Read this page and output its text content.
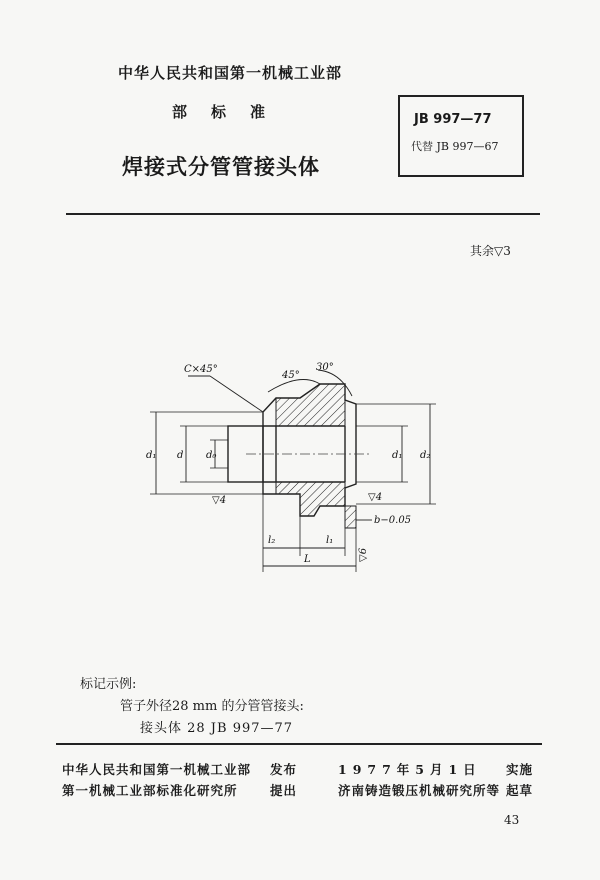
中华人民共和国第一机械工业部
部标准
焊接式分管管接头体
JB 997—77
代替 JB 997—67
其余▽3
C×45°
45°
30°
d₁ d d₀	d₁ d₂
▽4	▽4
b−0.05
l₂	l₁
L	▽6
标记示例:
管子外径28 mm 的分管管接头:
接头体 28 JB 997—77
中华人民共和国第一机械工业部 发布	1977年5月1日 实施
第一机械工业部标准化研究所	提出	济南铸造锻压机械研究所等 起草
43
